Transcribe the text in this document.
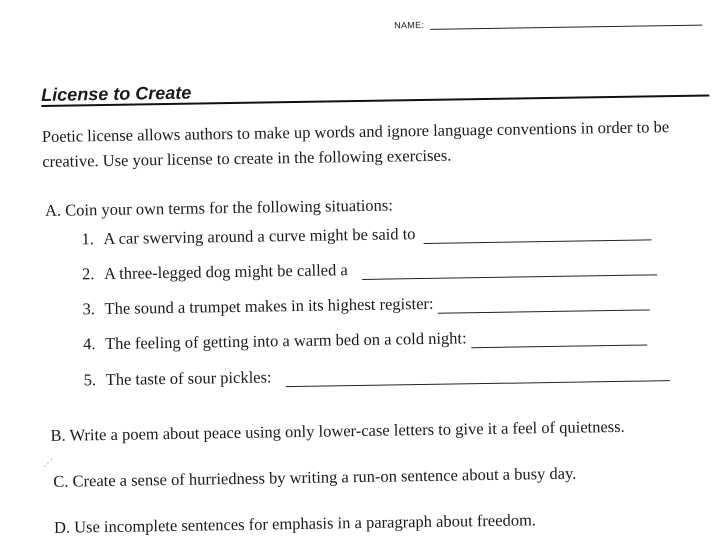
NAME:
License to Create
Poetic license allows authors to make up words and ignore language conventions in order to be creative. Use your license to create in the following exercises.
A. Coin your own terms for the following situations:
1. A car swerving around a curve might be said to
2. A three-legged dog might be called a
3. The sound a trumpet makes in its highest register:
4. The feeling of getting into a warm bed on a cold night:
5. The taste of sour pickles:
B. Write a poem about peace using only lower-case letters to give it a feel of quietness.
⋰
C. Create a sense of hurriedness by writing a run-on sentence about a busy day.
D. Use incomplete sentences for emphasis in a paragraph about freedom.
